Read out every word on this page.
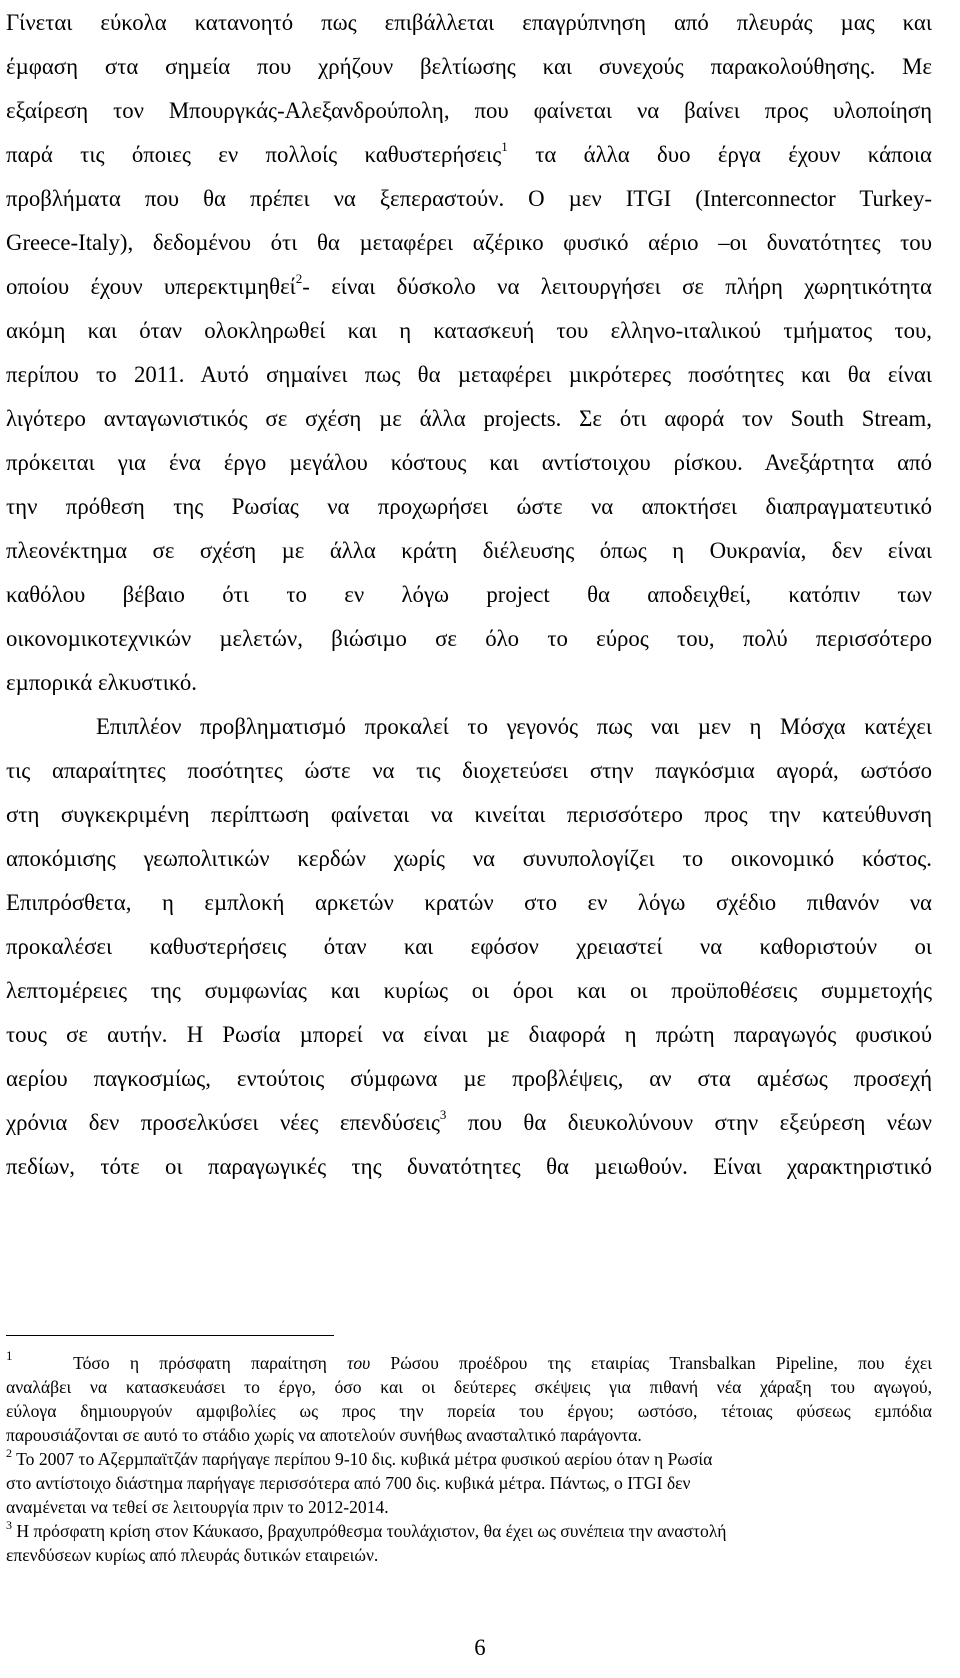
Γίνεται εύκολα κατανοητό πως επιβάλλεται επαγρύπνηση από πλευράς µας και
έµφαση στα σηµεία που χρήζουν βελτίωσης και συνεχούς παρακολούθησης. Με
εξαίρεση τον Μπουργκάς-Αλεξανδρούπολη, που φαίνεται να βαίνει προς υλοποίηση
παρά τις όποιες εν πολλοίς καθυστερήσεις$^1$ τα άλλα δυο έργα έχουν κάποια
προβλήµατα που θα πρέπει να ξεπεραστούν. Ο µεν ITGI (Interconnector Turkey-
Greece-Italy), δεδοµένου ότι θα µεταφέρει αζέρικο φυσικό αέριο –οι δυνατότητες του
οποίου έχουν υπερεκτιµηθεί$^2$- είναι δύσκολο να λειτουργήσει σε πλήρη χωρητικότητα
ακόµη και όταν ολοκληρωθεί και η κατασκευή του ελληνο-ιταλικού τµήµατος του,
περίπου το 2011. Αυτό σηµαίνει πως θα µεταφέρει µικρότερες ποσότητες και θα είναι
λιγότερο ανταγωνιστικός σε σχέση µε άλλα projects. Σε ότι αφορά τον South Stream,
πρόκειται για ένα έργο µεγάλου κόστους και αντίστοιχου ρίσκου. Ανεξάρτητα από
την πρόθεση της Ρωσίας να προχωρήσει ώστε να αποκτήσει διαπραγµατευτικό
πλεονέκτηµα σε σχέση µε άλλα κράτη διέλευσης όπως η Ουκρανία, δεν είναι
καθόλου βέβαιο ότι το εν λόγω project θα αποδειχθεί, κατόπιν των
οικονοµικοτεχνικών µελετών, βιώσιµο σε όλο το εύρος του, πολύ περισσότερο
εµπορικά ελκυστικό.
Επιπλέον προβληµατισµό προκαλεί το γεγονός πως ναι µεν η Μόσχα κατέχει
τις απαραίτητες ποσότητες ώστε να τις διοχετεύσει στην παγκόσµια αγορά, ωστόσο
στη συγκεκριµένη περίπτωση φαίνεται να κινείται περισσότερο προς την κατεύθυνση
αποκόµισης γεωπολιτικών κερδών χωρίς να συνυπολογίζει το οικονοµικό κόστος.
Επιπρόσθετα, η εµπλοκή αρκετών κρατών στο εν λόγω σχέδιο πιθανόν να
προκαλέσει καθυστερήσεις όταν και εφόσον χρειαστεί να καθοριστούν οι
λεπτοµέρειες της συµφωνίας και κυρίως οι όροι και οι προϋποθέσεις συµµετοχής
τους σε αυτήν. Η Ρωσία µπορεί να είναι µε διαφορά η πρώτη παραγωγός φυσικού
αερίου παγκοσµίως, εντούτοις σύµφωνα µε προβλέψεις, αν στα αµέσως προσεχή
χρόνια δεν προσελκύσει νέες επενδύσεις$^3$ που θα διευκολύνουν στην εξεύρεση νέων
πεδίων, τότε οι παραγωγικές της δυνατότητες θα µειωθούν. Είναι χαρακτηριστικό
$^1$	Τόσο η πρόσφατη παραίτηση του Ρώσου προέδρου της εταιρίας Transbalkan Pipeline, που έχει
αναλάβει να κατασκευάσει το έργο, όσο και οι δεύτερες σκέψεις για πιθανή νέα χάραξη του αγωγού,
εύλογα δηµιουργούν αµφιβολίες ως προς την πορεία του έργου; ωστόσο, τέτοιας φύσεως εµπόδια
παρουσιάζονται σε αυτό το στάδιο χωρίς να αποτελούν συνήθως ανασταλτικό παράγοντα.
$^2$ Το 2007 το Αζερµπαϊτζάν παρήγαγε περίπου 9-10 δις. κυβικά µέτρα φυσικού αερίου όταν η Ρωσία
στο αντίστοιχο διάστηµα παρήγαγε περισσότερα από 700 δις. κυβικά µέτρα. Πάντως, ο ITGI δεν
αναµένεται να τεθεί σε λειτουργία πριν το 2012-2014.
$^3$ Η πρόσφατη κρίση στον Κάυκασο, βραχυπρόθεσµα τουλάχιστον, θα έχει ως συνέπεια την αναστολή
επενδύσεων κυρίως από πλευράς δυτικών εταιρειών.
6
